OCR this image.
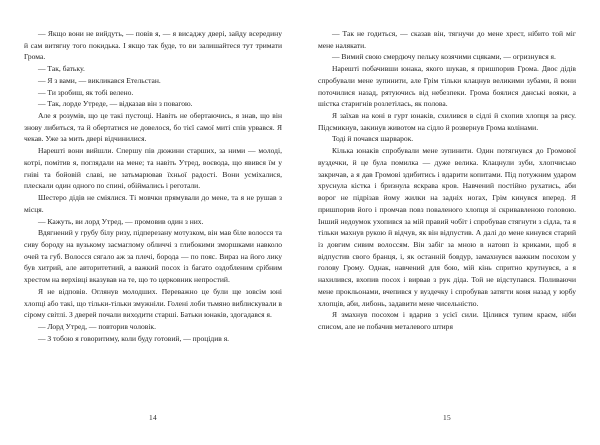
— Якщо вони не вийдуть, — повів я, — я висаджу двері, зайду всередину й сам витягну того покидька. І якщо так буде, то ви залишайтеся тут тримати Грома.

— Так, батьку.

— Я з вами, — викликався Етельстан.

— Ти зробиш, як тобі велено.

— Так, лорде Утреде, — відказав він з повагою.

Але я розумів, що це такі пустощі. Навіть не обертаючись, я знав, що він знову либиться, та й обертатися не довелося, бо тієї самої миті спів урвався. Я чекав. Уже за мить двері відчинилися.

Нарешті вони вийшли. Спершу пів дюжини старших, за ними — молоді, котрі, помітив я, поглядали на мене; та навіть Утред, воєвода, що явився їм у гніві та бойовій славі, не затьмарював їхньої радості. Вони усміхалися, плескали один одного по спині, обіймались і реготали.

Шестеро дідів не сміялися. Ті мовчки прямували до мене, та я не рушав з місця.

— Кажуть, ви лорд Утред, — промовив один з них.

Вдягнений у грубу білу ризу, підперезану мотузком, він мав біле волосся та сиву бороду на вузькому засмаглому обличчі з глибокими зморшками навколо очей та губ. Волосся сягало аж за плечі, борода — по пояс. Вираз на його лику був хитрий, але авторитетний, а важкий посох із багато оздобленим срібним хрестом на верхівці вказував на те, що то церковник непростий.

Я не відповів. Оглянув молодших. Переважно це були ще зовсім юні хлопці або такі, що тільки-тільки змужніли. Голені лоби тьмяно виблискували в сірому світлі. З дверей почали виходити старші. Батьки юнаків, здогадався я.

— Лорд Утред, — повторив чоловік.

— З тобою я говоритиму, коли буду готовий, — процідив я.

14

— Так не годиться, — сказав він, тягнучи до мене хрест, нібито той міг мене налякати.

— Вимий свою смердючу пельку козячими сцяками, — огризнувся я.

Нарешті побачивши юнака, якого шукав, я пришпорив Грома. Двоє дідів спробували мене зупинити, але Грім тільки клацнув великими зубами, й вони поточилися назад, рятуючись від небезпеки. Грома боялися данські вояки, а шістка старигнів розлетілась, як полова.

Я заїхав на коні в гурт юнаків, схилився в сідлі й схопив хлопця за рясу. Підсмикнув, закинув животом на сідло й розвернув Грома колінами.

Тоді й почався шарварок.

Кілька юнаків спробували мене зупинити. Один потягнувся до Громової вуздечки, й це була помилка — дуже велика. Клацнули зуби, хлопчисько закричав, а я дав Громові здибитись і вдарити копитами. Під потужним ударом хруснула кістка і бризнула яскрава кров. Навчений постійно рухатись, аби ворог не підрізав йому жилки на задніх ногах, Грім кинувся вперед. Я пришпорив його і промчав повз поваленого хлопця зі скривавленою головою. Інший недоумок ухопився за мій правий чобіт і спробував стягнути з сідла, та я тільки махнув рукою й відчув, як він відпустив. А далі до мене кинувся старий із довгим сивим волоссям. Він забіг за мною в натовп із криками, щоб я відпустив свого бранця, і, як останній бовдур, замахнувся важким посохом у голову Грому. Однак, навчений для бою, мій кінь спритно крутнувся, а я нахилився, вхопив посох і вирвав з рук діда. Той не відступався. Поливаючи мене прокльонами, вчепився у вуздечку і спробував затягти коня назад у юрбу хлопців, аби, либонь, задавити мене чисельністю.

Я змахнув посохом і вдарив з усієї сили. Цілився тупим краєм, ніби списом, але не побачив металевого штиря

15
